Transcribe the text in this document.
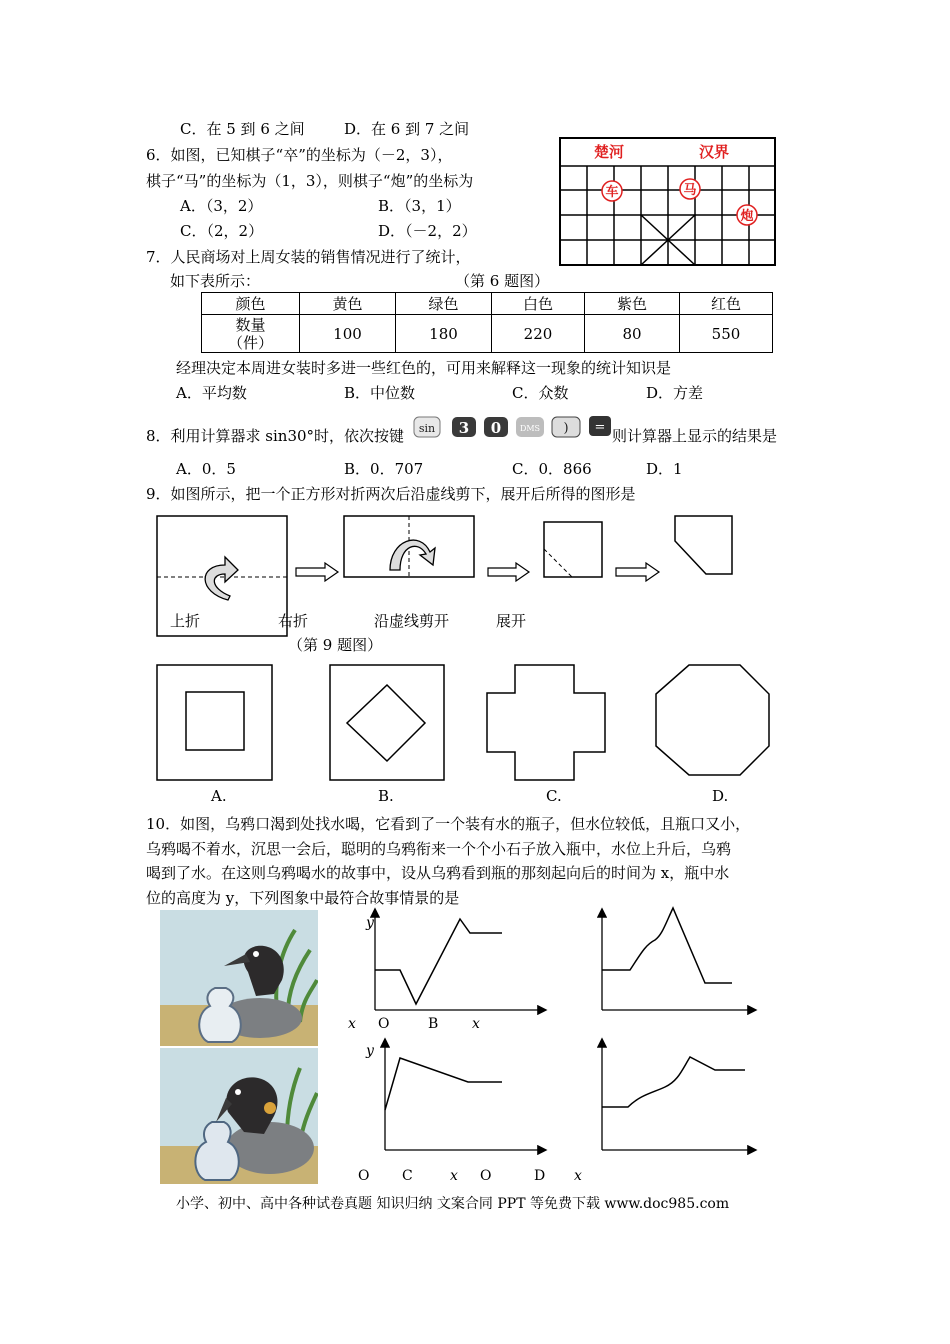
C．在 5 到 6 之间	D．在 6 到 7 之间
6．如图，已知棋子“卒”的坐标为（－2，3），
棋子“马”的坐标为（1，3），则棋子“炮”的坐标为
A．（3，2）	B．（3，1）
C．（2，2）	D．（－2，2）
楚河	汉界
车	马
炮
7．人民商场对上周女装的销售情况进行了统计，
如下表所示：	（第 6 题图）
颜色	黄色	绿色	白色	紫色	红色
数量（件）	100	180	220	80	550
经理决定本周进女装时多进一些红色的，可用来解释这一现象的统计知识是
A．平均数	B．中位数	C．众数	D．方差
8．利用计算器求 sin30°时，依次按键 sin 3 0 DMS ) = 则计算器上显示的结果是
A．0．5	B．0．707	C．0．866	D．1
9．如图所示，把一个正方形对折两次后沿虚线剪下，展开后所得的图形是
上折	右折	沿虚线剪开	展开
（第 9 题图）
A.	B.	C.	D.
10．如图，乌鸦口渴到处找水喝，它看到了一个装有水的瓶子，但水位较低，且瓶口又小，
乌鸦喝不着水，沉思一会后，聪明的乌鸦衔来一个个小石子放入瓶中，水位上升后，乌鸦
喝到了水。在这则乌鸦喝水的故事中，设从乌鸦看到瓶的那刻起向后的时间为 x，瓶中水
位的高度为 y，下列图象中最符合故事情景的是
y
y
x O	B x
O C	x O	D x
小学、初中、高中各种试卷真题 知识归纳 文案合同 PPT 等免费下载 www.doc985.com
